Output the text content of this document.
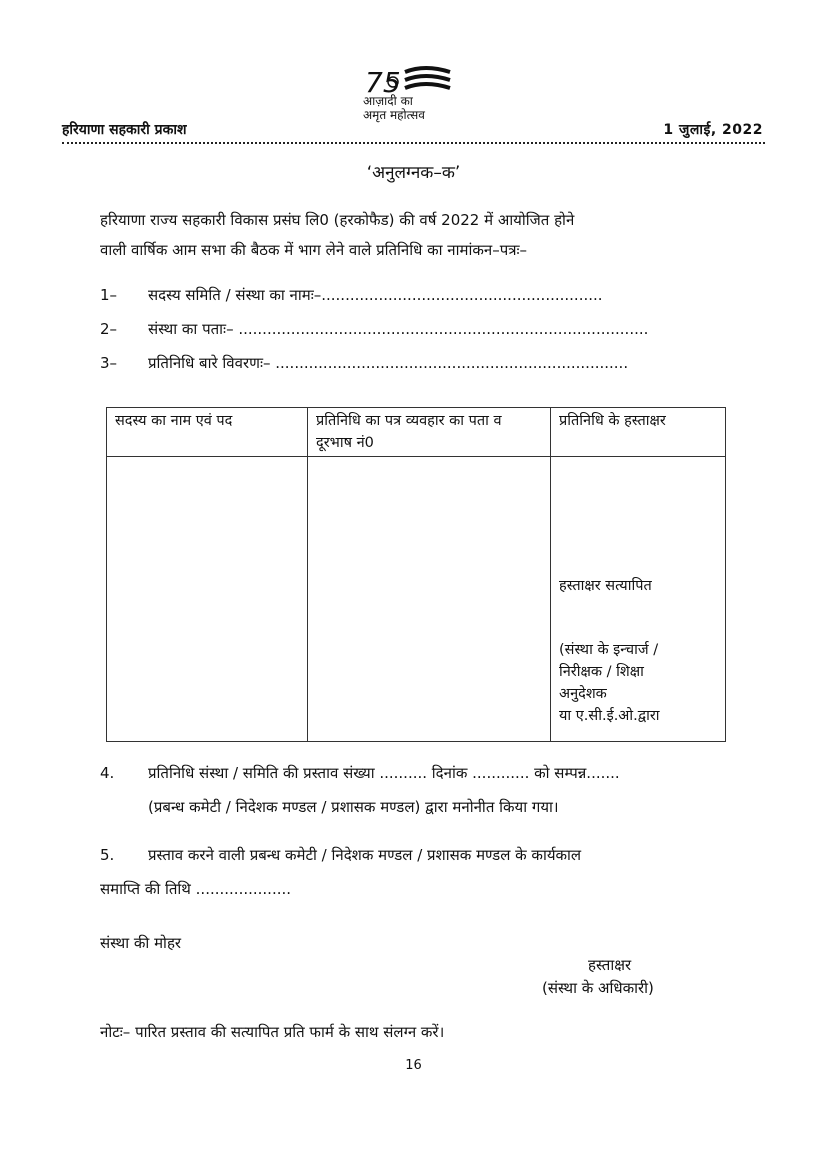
हरियाणा सहकारी प्रकाश
75
आज़ादी का
अमृत महोत्सव
1 जुलाई, 2022
‘अनुलग्नक–क’
हरियाणा राज्य सहकारी विकास प्रसंघ लि0 (हरकोफैड) की वर्ष 2022 में आयोजित होने
वाली वार्षिक आम सभा की बैठक में भाग लेने वाले प्रतिनिधि का नामांकन–पत्रः–
1– सदस्य समिति / संस्था का नामः–...........................................................
2– संस्था का पताः– ......................................................................................
3– प्रतिनिधि बारे विवरणः– ..........................................................................
सदस्य का नाम एवं पद	प्रतिनिधि का पत्र व्यवहार का पता व दूरभाष नं0	प्रतिनिधि के हस्ताक्षर

		हस्ताक्षर सत्यापित
(संस्था के इन्चार्ज /
निरीक्षक / शिक्षा
अनुदेशक
या ए.सी.ई.ओ.द्वारा
4. प्रतिनिधि संस्था / समिति की प्रस्ताव संख्या .......... दिनांक ............ को सम्पन्न.......
(प्रबन्ध कमेटी / निदेशक मण्डल / प्रशासक मण्डल) द्वारा मनोनीत किया गया।
5. प्रस्ताव करने वाली प्रबन्ध कमेटी / निदेशक मण्डल / प्रशासक मण्डल के कार्यकाल
समाप्ति की तिथि ....................
संस्था की मोहर
हस्ताक्षर
(संस्था के अधिकारी)
नोटः– पारित प्रस्ताव की सत्यापित प्रति फार्म के साथ संलग्न करें।
16
